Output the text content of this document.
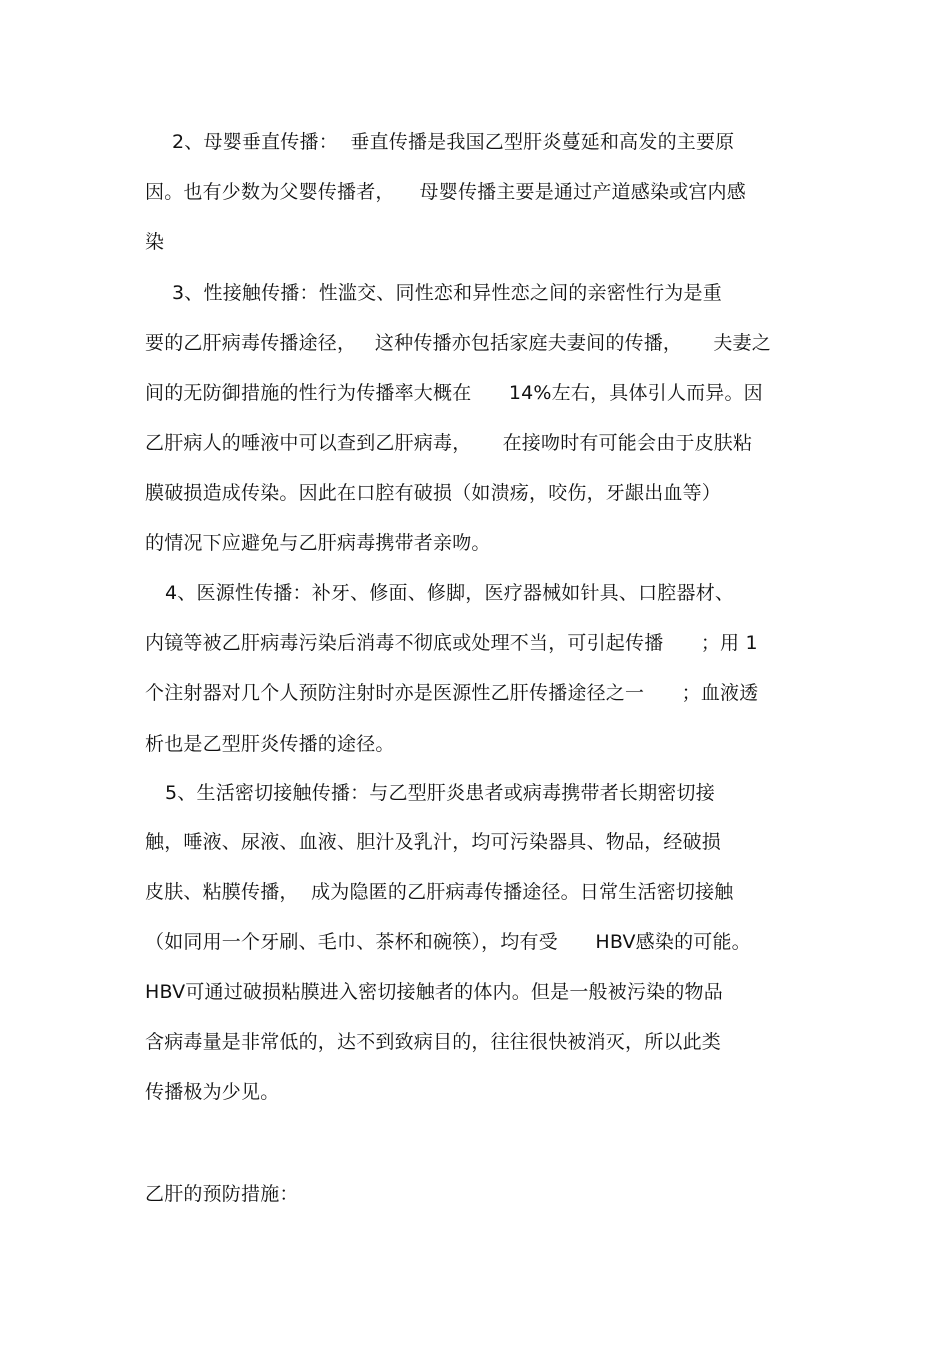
2、母婴垂直传播：  垂直传播是我国乙型肝炎蔓延和高发的主要原
因。也有少数为父婴传播者，    母婴传播主要是通过产道感染或宫内感
染
3、性接触传播：性滥交、同性恋和异性恋之间的亲密性行为是重
要的乙肝病毒传播途径，   这种传播亦包括家庭夫妻间的传播，     夫妻之
间的无防御措施的性行为传播率大概在      14%左右，具体引人而异。因
乙肝病人的唾液中可以查到乙肝病毒，     在接吻时有可能会由于皮肤粘
膜破损造成传染。因此在口腔有破损（如溃疡，咬伤，牙龈出血等）
的情况下应避免与乙肝病毒携带者亲吻。
4、医源性传播：补牙、修面、修脚，医疗器械如针具、口腔器材、
内镜等被乙肝病毒污染后消毒不彻底或处理不当，可引起传播      ；用 1
个注射器对几个人预防注射时亦是医源性乙肝传播途径之一      ；血液透
析也是乙型肝炎传播的途径。
5、生活密切接触传播：与乙型肝炎患者或病毒携带者长期密切接
触，唾液、尿液、血液、胆汁及乳汁，均可污染器具、物品，经破损
皮肤、粘膜传播，  成为隐匿的乙肝病毒传播途径。日常生活密切接触
（如同用一个牙刷、毛巾、茶杯和碗筷），均有受      HBV感染的可能。
HBV可通过破损粘膜进入密切接触者的体内。但是一般被污染的物品
含病毒量是非常低的，达不到致病目的，往往很快被消灭，所以此类
传播极为少见。
乙肝的预防措施：
